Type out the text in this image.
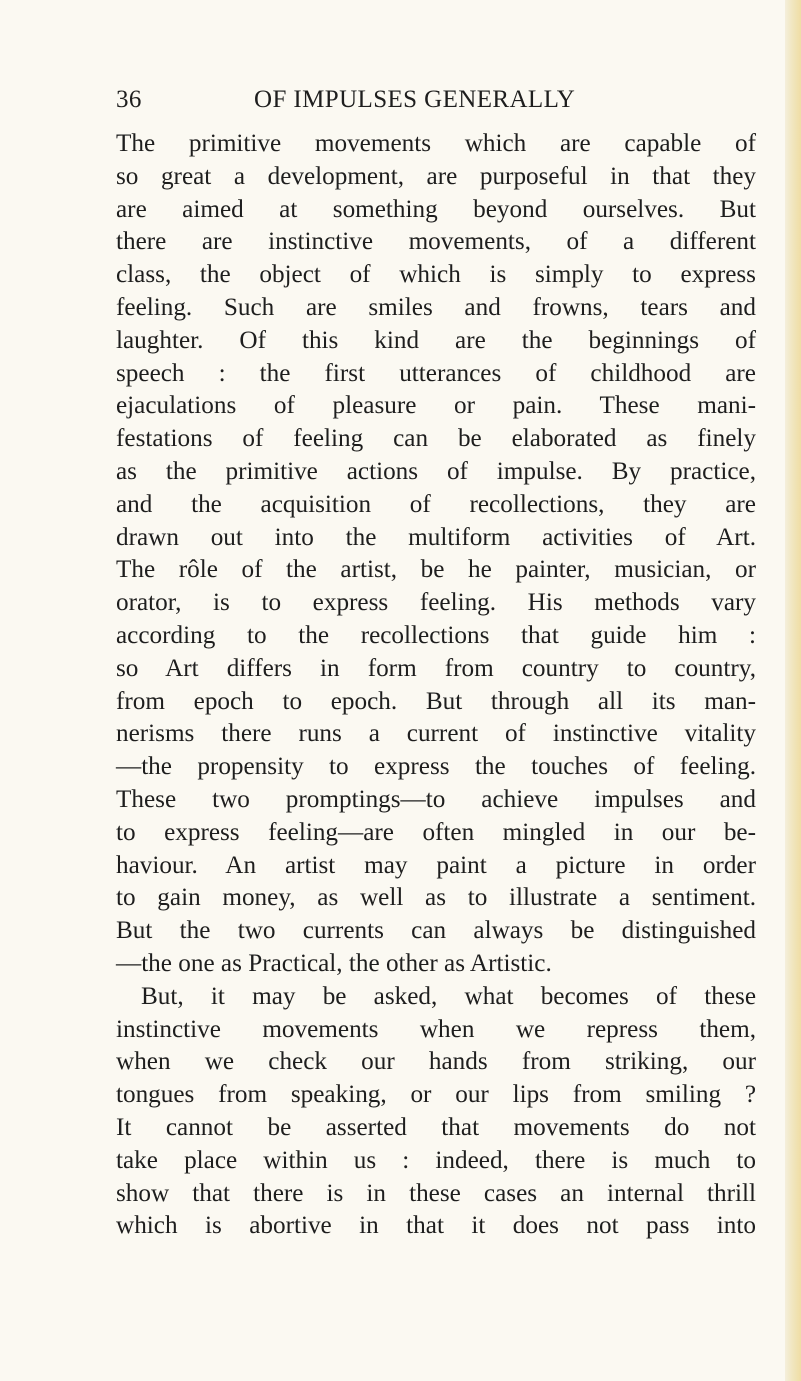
36	OF IMPULSES GENERALLY
The primitive movements which are capable of
so great a development, are purposeful in that they
are aimed at something beyond ourselves. But
there are instinctive movements, of a different
class, the object of which is simply to express
feeling. Such are smiles and frowns, tears and
laughter. Of this kind are the beginnings of
speech : the first utterances of childhood are
ejaculations of pleasure or pain. These mani-
festations of feeling can be elaborated as finely
as the primitive actions of impulse. By practice,
and the acquisition of recollections, they are
drawn out into the multiform activities of Art.
The rôle of the artist, be he painter, musician, or
orator, is to express feeling. His methods vary
according to the recollections that guide him :
so Art differs in form from country to country,
from epoch to epoch. But through all its man-
nerisms there runs a current of instinctive vitality
—the propensity to express the touches of feeling.
These two promptings—to achieve impulses and
to express feeling—are often mingled in our be-
haviour. An artist may paint a picture in order
to gain money, as well as to illustrate a sentiment.
But the two currents can always be distinguished
—the one as Practical, the other as Artistic.
But, it may be asked, what becomes of these
instinctive movements when we repress them,
when we check our hands from striking, our
tongues from speaking, or our lips from smiling ?
It cannot be asserted that movements do not
take place within us : indeed, there is much to
show that there is in these cases an internal thrill
which is abortive in that it does not pass into
